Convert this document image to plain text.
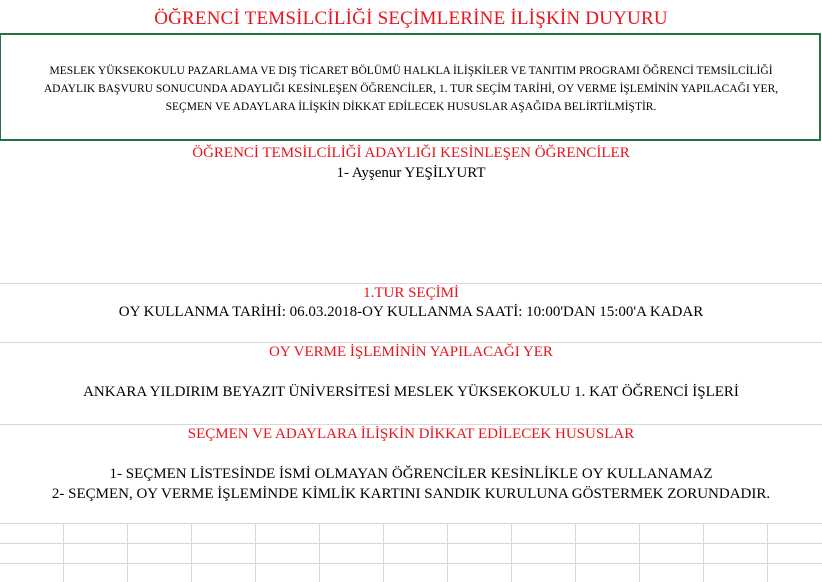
ÖĞRENCİ TEMSİLCİLİĞİ SEÇİMLERİNE İLİŞKİN DUYURU
MESLEK YÜKSEKOKULU PAZARLAMA VE DIŞ TİCARET BÖLÜMÜ HALKLA İLİŞKİLER VE TANITIM PROGRAMI ÖĞRENCİ TEMSİLCİLİĞİ
ADAYLIK BAŞVURU SONUCUNDA ADAYLIĞI KESİNLEŞEN ÖĞRENCİLER, 1. TUR SEÇİM TARİHİ, OY VERME İŞLEMİNİN YAPILACAĞI YER,
SEÇMEN VE ADAYLARA İLİŞKİN DİKKAT EDİLECEK HUSUSLAR AŞAĞIDA BELİRTİLMİŞTİR.
ÖĞRENCİ TEMSİLCİLİĞİ ADAYLIĞI KESİNLEŞEN ÖĞRENCİLER
1- Ayşenur YEŞİLYURT
1.TUR SEÇİMİ
OY KULLANMA TARİHİ: 06.03.2018-OY KULLANMA SAATİ: 10:00'DAN 15:00'A KADAR
OY VERME İŞLEMİNİN YAPILACAĞI YER
ANKARA YILDIRIM BEYAZIT ÜNİVERSİTESİ MESLEK YÜKSEKOKULU 1. KAT ÖĞRENCİ İŞLERİ
SEÇMEN VE ADAYLARA İLİŞKİN DİKKAT EDİLECEK HUSUSLAR
1- SEÇMEN LİSTESİNDE İSMİ OLMAYAN ÖĞRENCİLER KESİNLİKLE OY KULLANAMAZ
2- SEÇMEN, OY VERME İŞLEMİNDE KİMLİK KARTINI SANDIK KURULUNA GÖSTERMEK ZORUNDADIR.
